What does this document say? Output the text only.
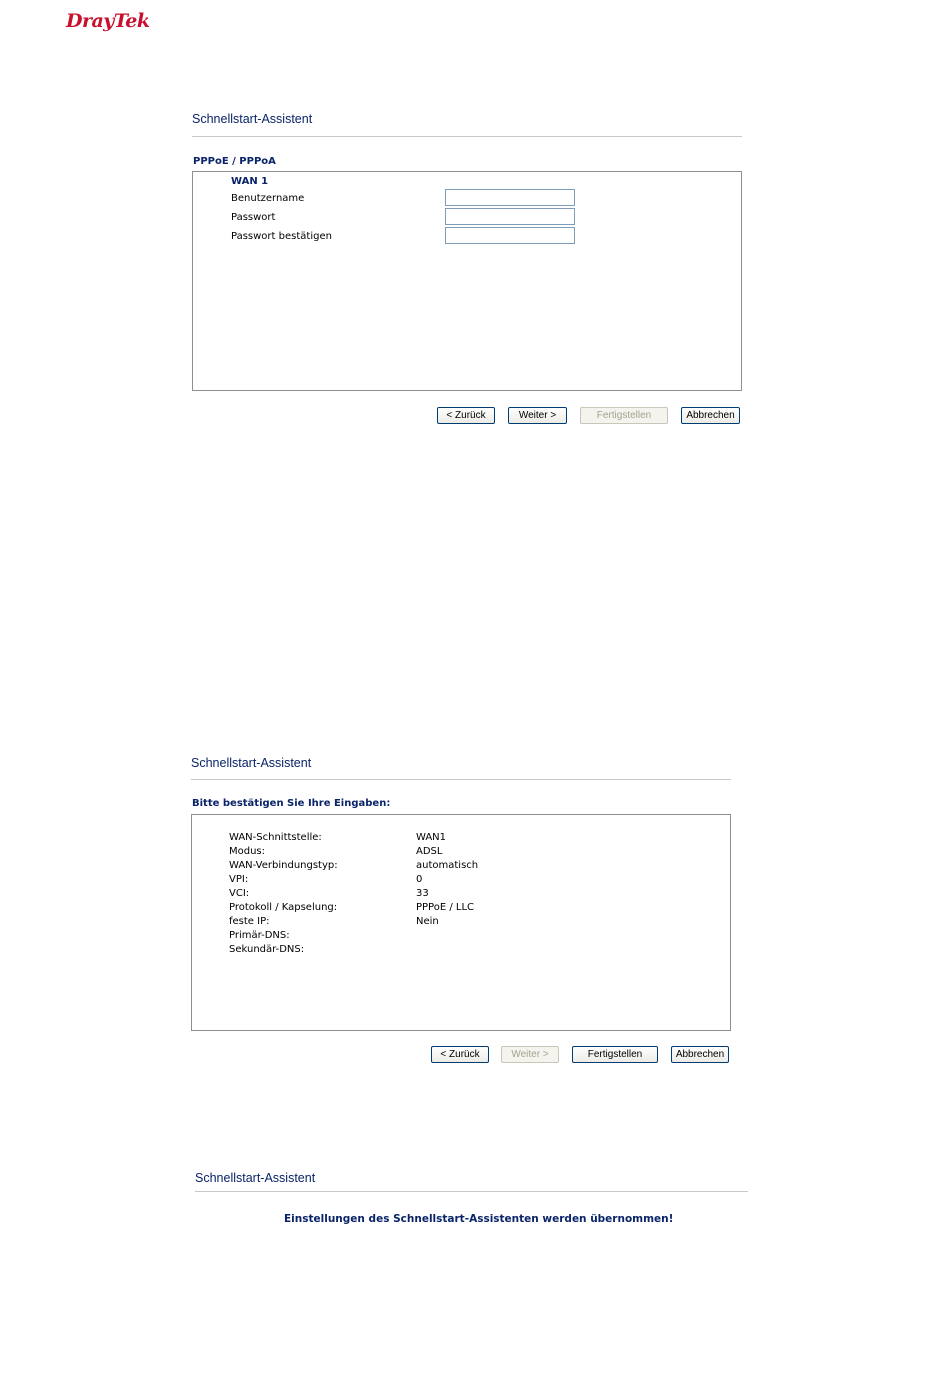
DrayTek
Schnellstart-Assistent
PPPoE / PPPoA
WAN 1
Benutzername
Passwort
Passwort bestätigen
< Zurück	Weiter >	Fertigstellen	Abbrechen
Schnellstart-Assistent
Bitte bestätigen Sie Ihre Eingaben:
WAN-Schnittstelle:	WAN1
Modus:	ADSL
WAN-Verbindungstyp:	automatisch
VPI:	0
VCI:	33
Protokoll / Kapselung:	PPPoE / LLC
feste IP:	Nein
Primär-DNS:
Sekundär-DNS:
< Zurück	Weiter >	Fertigstellen	Abbrechen
Schnellstart-Assistent
Einstellungen des Schnellstart-Assistenten werden übernommen!
